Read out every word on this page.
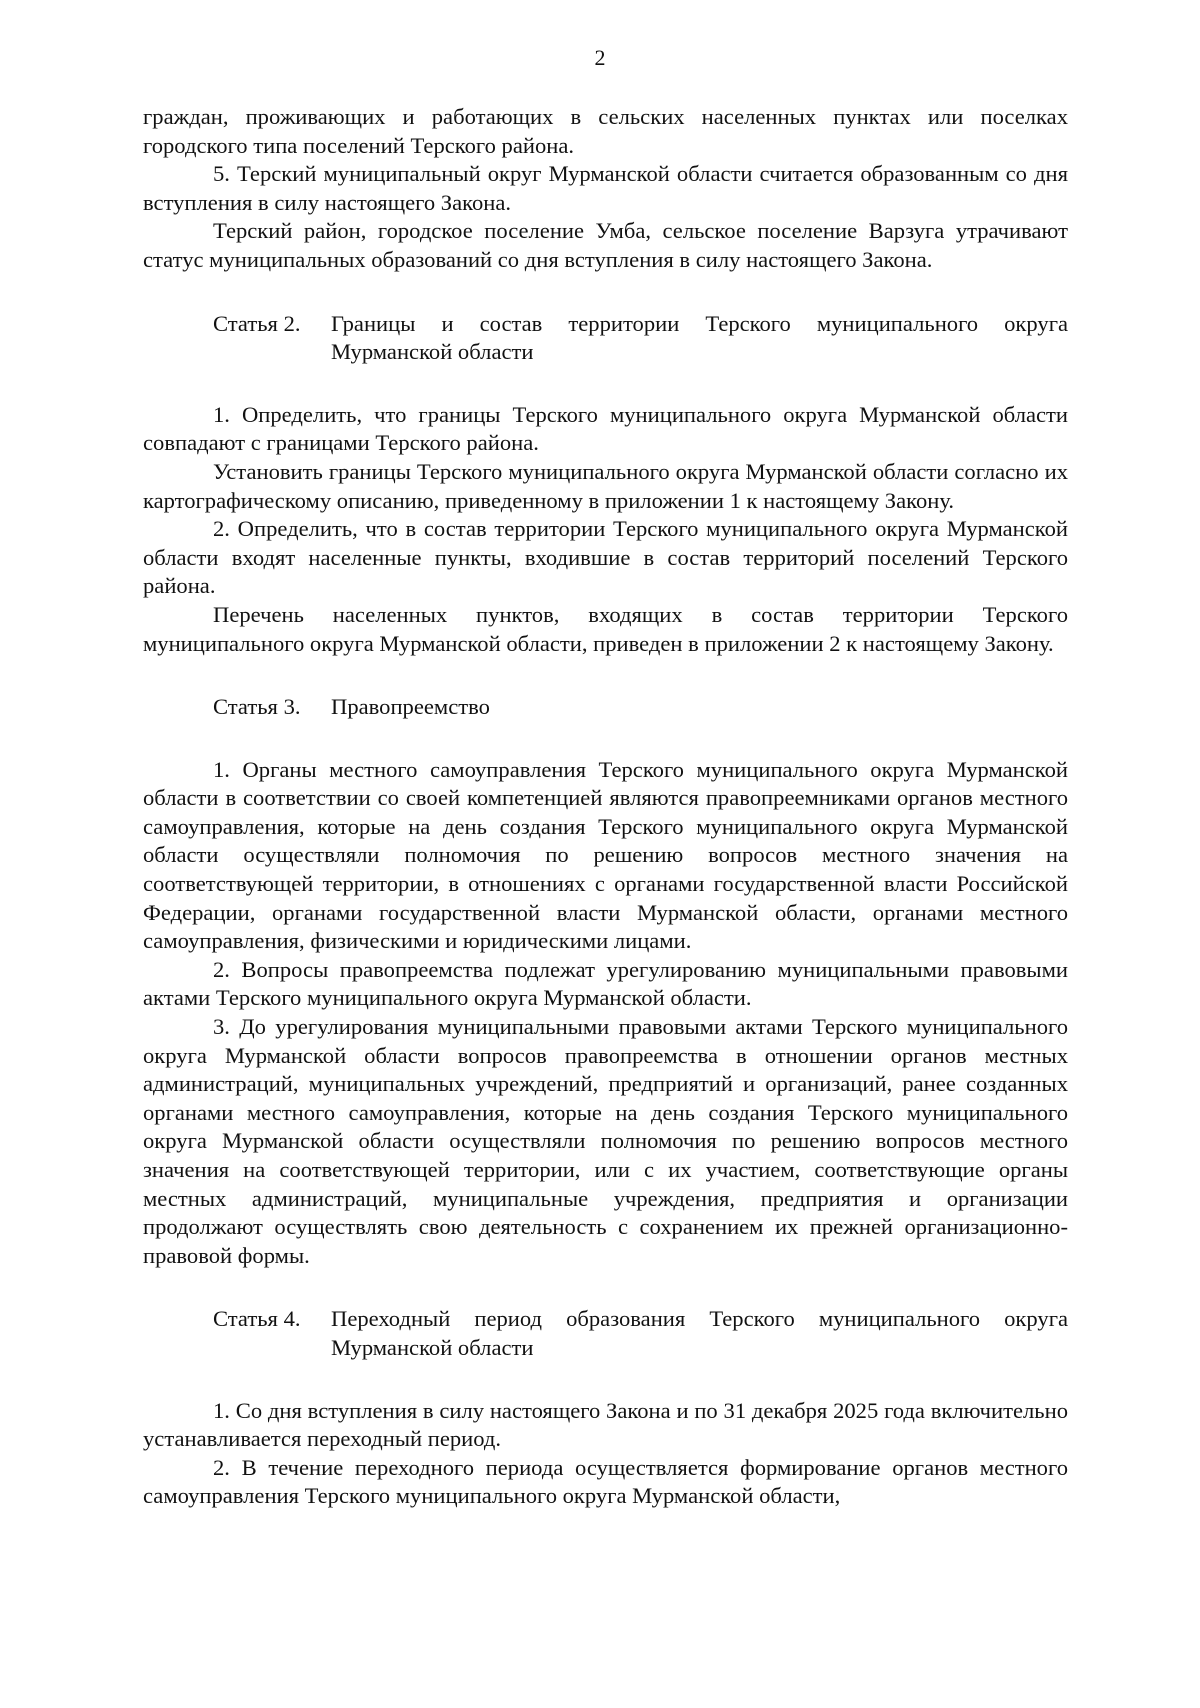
2

граждан, проживающих и работающих в сельских населенных пунктах или поселках городского типа поселений Терского района.

5. Терский муниципальный округ Мурманской области считается образованным со дня вступления в силу настоящего Закона.

Терский район, городское поселение Умба, сельское поселение Варзуга утрачивают статус муниципальных образований со дня вступления в силу настоящего Закона.

Статья 2.	Границы и состав территории Терского муниципального округа Мурманской области

1. Определить, что границы Терского муниципального округа Мурманской области совпадают с границами Терского района.

Установить границы Терского муниципального округа Мурманской области согласно их картографическому описанию, приведенному в приложении 1 к настоящему Закону.

2. Определить, что в состав территории Терского муниципального округа Мурманской области входят населенные пункты, входившие в состав территорий поселений Терского района.

Перечень населенных пунктов, входящих в состав территории Терского муниципального округа Мурманской области, приведен в приложении 2 к настоящему Закону.

Статья 3.	Правопреемство

1. Органы местного самоуправления Терского муниципального округа Мурманской области в соответствии со своей компетенцией являются правопреемниками органов местного самоуправления, которые на день создания Терского муниципального округа Мурманской области осуществляли полномочия по решению вопросов местного значения на соответствующей территории, в отношениях с органами государственной власти Российской Федерации, органами государственной власти Мурманской области, органами местного самоуправления, физическими и юридическими лицами.

2. Вопросы правопреемства подлежат урегулированию муниципальными правовыми актами Терского муниципального округа Мурманской области.

3. До урегулирования муниципальными правовыми актами Терского муниципального округа Мурманской области вопросов правопреемства в отношении органов местных администраций, муниципальных учреждений, предприятий и организаций, ранее созданных органами местного самоуправления, которые на день создания Терского муниципального округа Мурманской области осуществляли полномочия по решению вопросов местного значения на соответствующей территории, или с их участием, соответствующие органы местных администраций, муниципальные учреждения, предприятия и организации продолжают осуществлять свою деятельность с сохранением их прежней организационно-правовой формы.

Статья 4.	Переходный период образования Терского муниципального округа Мурманской области

1. Со дня вступления в силу настоящего Закона и по 31 декабря 2025 года включительно устанавливается переходный период.

2. В течение переходного периода осуществляется формирование органов местного самоуправления Терского муниципального округа Мурманской области,
